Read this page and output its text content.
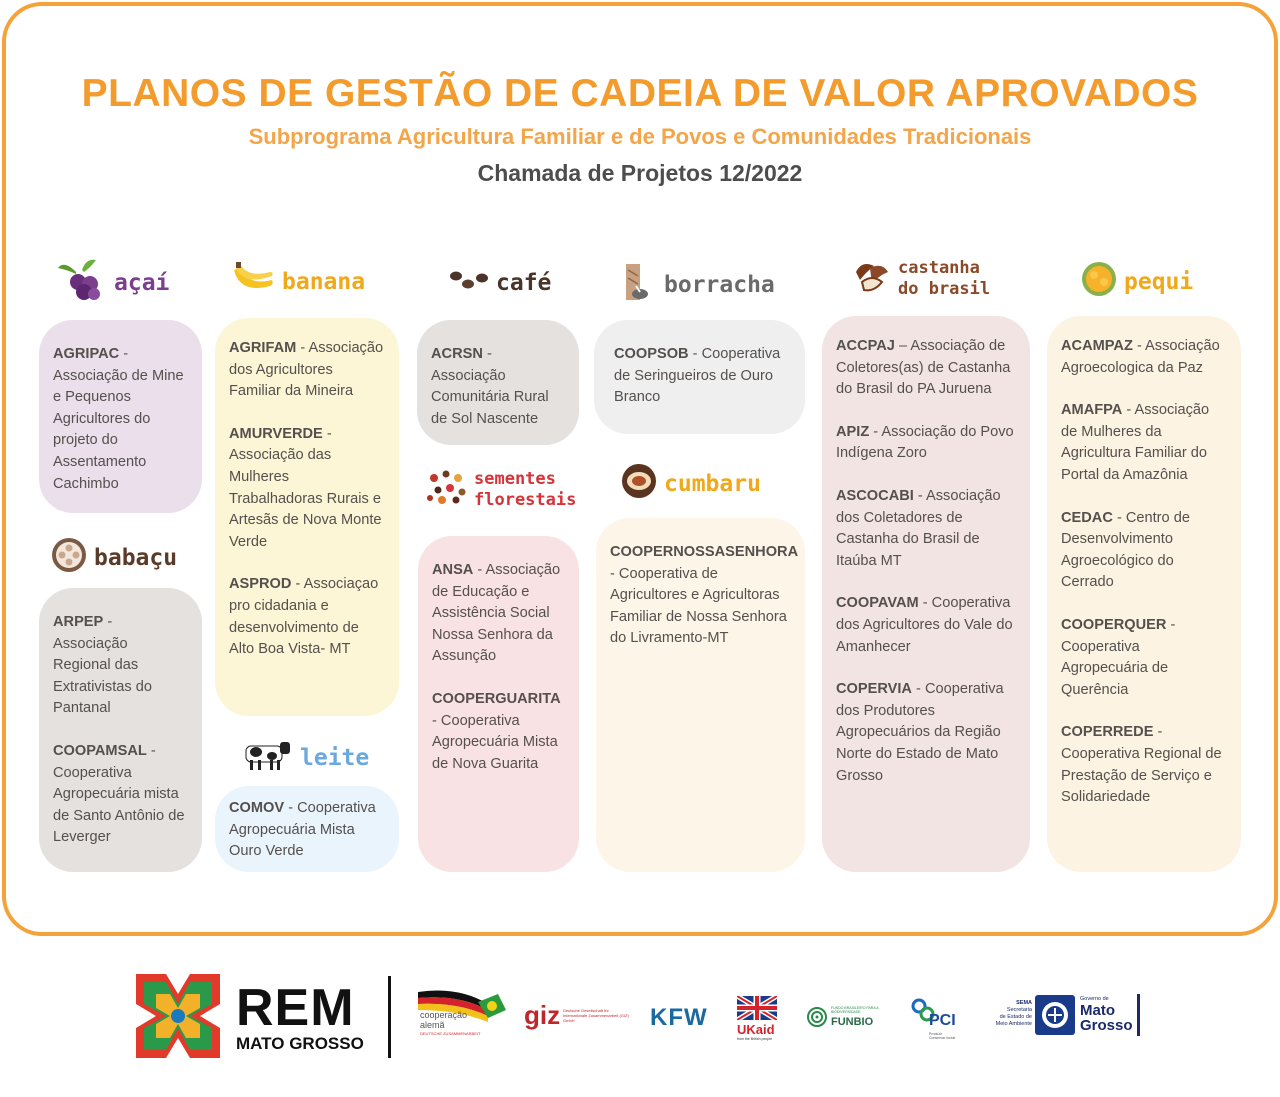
PLANOS DE GESTÃO DE CADEIA DE VALOR APROVADOS
Subprograma Agricultura Familiar e de Povos e Comunidades Tradicionais
Chamada de Projetos 12/2022
açaí
babaçu
banana
leite
café
sementes
florestais
borracha
cumbaru
castanha
do brasil	pequi
AGRIPAC - Associação de Mine e Pequenos Agricultores do projeto do Assentamento Cachimbo
ARPEP - Associação Regional das Extrativistas do Pantanal
COOPAMSAL - Cooperativa Agropecuária mista de Santo Antônio de Leverger
AGRIFAM - Associação dos Agricultores Familiar da Mineira
AMURVERDE - Associação das Mulheres Trabalhadoras Rurais e Artesãs de Nova Monte Verde
ASPROD - Associaçao pro cidadania e desenvolvimento de Alto Boa Vista- MT
COMOV - Cooperativa Agropecuária Mista Ouro Verde
ACRSN - Associação Comunitária Rural de Sol Nascente
ANSA - Associação de Educação e Assistência Social Nossa Senhora da Assunção
COOPERGUARITA - Cooperativa Agropecuária Mista de Nova Guarita
COOPSOB - Cooperativa de Seringueiros de Ouro Branco
COOPERNOSSASENHORA - Cooperativa de Agricultores e Agricultoras Familiar de Nossa Senhora do Livramento-MT
ACCPAJ – Associação de Coletores(as) de Castanha do Brasil do PA Juruena
APIZ - Associação do Povo Indígena Zoro
ASCOCABI - Associação dos Coletadores de Castanha do Brasil de Itaúba MT
COOPAVAM - Cooperativa dos Agricultores do Vale do Amanhecer
COPERVIA - Cooperativa dos Produtores Agropecuários da Região Norte do Estado de Mato Grosso
ACAMPAZ - Associação Agroecologica da Paz
AMAFPA - Associação de Mulheres da Agricultura Familiar do Portal da Amazônia
CEDAC - Centro de Desenvolvimento Agroecológico do Cerrado
COOPERQUER - Cooperativa Agropecuária de Querência
COPERREDE - Cooperativa Regional de Prestação de Serviço e Solidariedade
REM
MATO GROSSO
cooperação
alemã
DEUTSCHE ZUSAMMENARBEIT
giz Deutsche Gesellschaft für Internationale Zusammenarbeit (GIZ) GmbH	KFW UKaid
from the British people
FUNDO BRASILEIRO PARA A BIODIVERSIDADE
FUNBIO	PCI
Produzir Conservar Incluir
SEMA
Secretaria
de Estado de
Meio Ambiente
Governo de
Mato
Grosso
